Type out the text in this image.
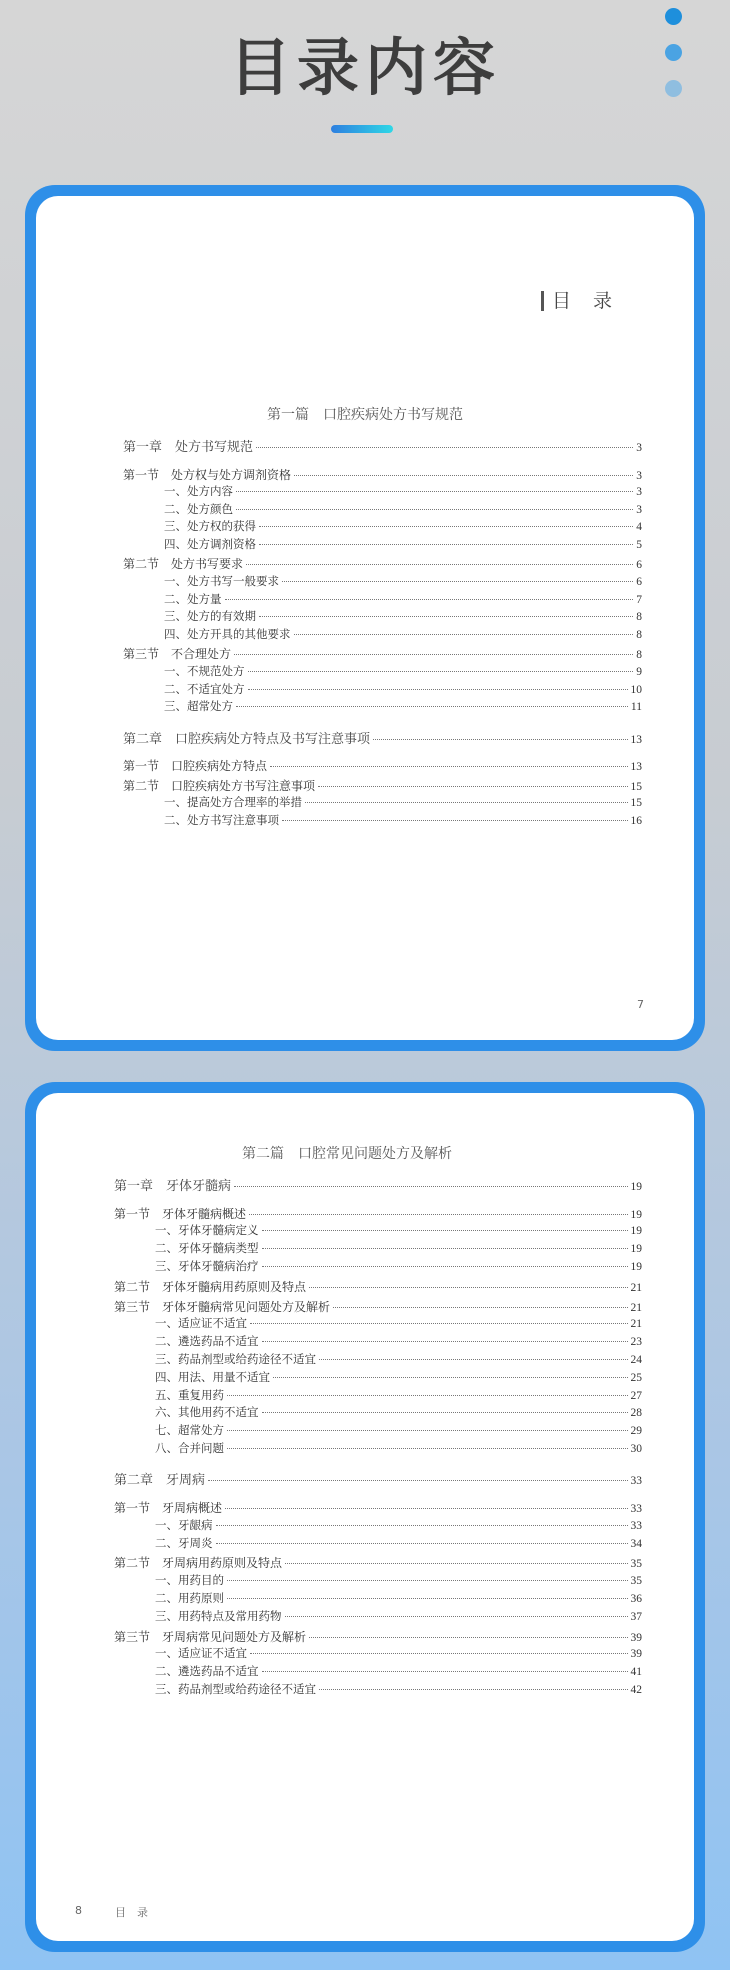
目录内容
目 录
第一篇　口腔疾病处方书写规范
第一章　处方书写规范	3
第一节　处方权与处方调剂资格	3
一、处方内容	3
二、处方颜色	3
三、处方权的获得	4
四、处方调剂资格	5
第二节　处方书写要求	6
一、处方书写一般要求	6
二、处方量	7
三、处方的有效期	8
四、处方开具的其他要求	8
第三节　不合理处方	8
一、不规范处方	9
二、不适宜处方	10
三、超常处方	11
第二章　口腔疾病处方特点及书写注意事项	13
第一节　口腔疾病处方特点	13
第二节　口腔疾病处方书写注意事项	15
一、提高处方合理率的举措	15
二、处方书写注意事项	16
7
第二篇　口腔常见问题处方及解析
第一章　牙体牙髓病	19
第一节　牙体牙髓病概述	19
一、牙体牙髓病定义	19
二、牙体牙髓病类型	19
三、牙体牙髓病治疗	19
第二节　牙体牙髓病用药原则及特点	21
第三节　牙体牙髓病常见问题处方及解析	21
一、适应证不适宜	21
二、遴选药品不适宜	23
三、药品剂型或给药途径不适宜	24
四、用法、用量不适宜	25
五、重复用药	27
六、其他用药不适宜	28
七、超常处方	29
八、合并问题	30
第二章　牙周病	33
第一节　牙周病概述	33
一、牙龈病	33
二、牙周炎	34
第二节　牙周病用药原则及特点	35
一、用药目的	35
二、用药原则	36
三、用药特点及常用药物	37
第三节　牙周病常见问题处方及解析	39
一、适应证不适宜	39
二、遴选药品不适宜	41
三、药品剂型或给药途径不适宜	42
8	目　录
